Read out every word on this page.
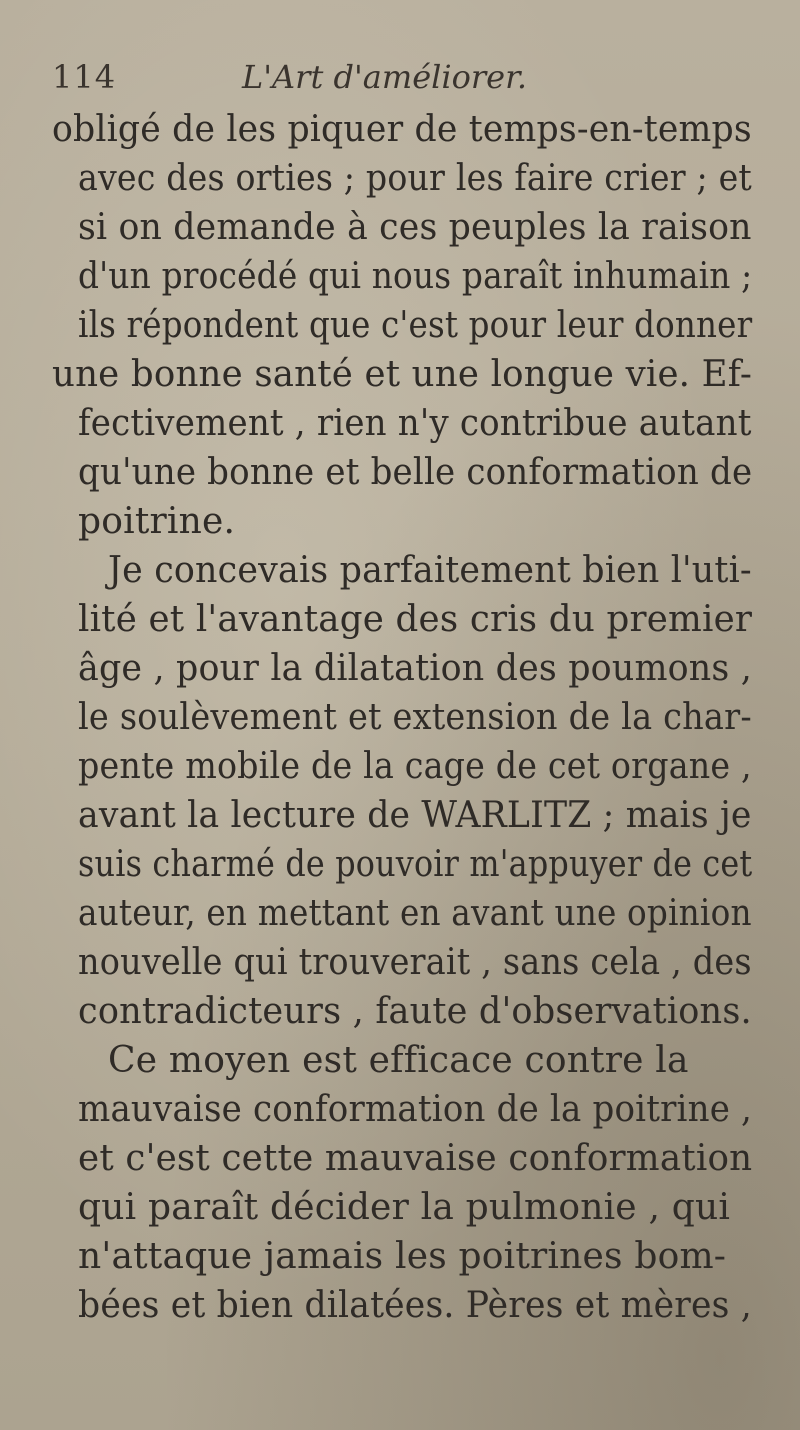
114	L'Art d'améliorer.
obligé de les piquer de temps-en-temps
avec des orties ; pour les faire crier ; et
si on demande à ces peuples la raison
d'un procédé qui nous paraît inhumain ;
ils répondent que c'est pour leur donner
une bonne santé et une longue vie. Ef-
fectivement , rien n'y contribue autant
qu'une bonne et belle conformation de
poitrine.
Je concevais parfaitement bien l'uti-
lité et l'avantage des cris du premier
âge , pour la dilatation des poumons ,
le soulèvement et extension de la char-
pente mobile de la cage de cet organe ,
avant la lecture de WARLITZ ; mais je
suis charmé de pouvoir m'appuyer de cet
auteur, en mettant en avant une opinion
nouvelle qui trouverait , sans cela , des
contradicteurs , faute d'observations.
Ce moyen est efficace contre la
mauvaise conformation de la poitrine ,
et c'est cette mauvaise conformation
qui paraît décider la pulmonie , qui
n'attaque jamais les poitrines bom-
bées et bien dilatées. Pères et mères ,
